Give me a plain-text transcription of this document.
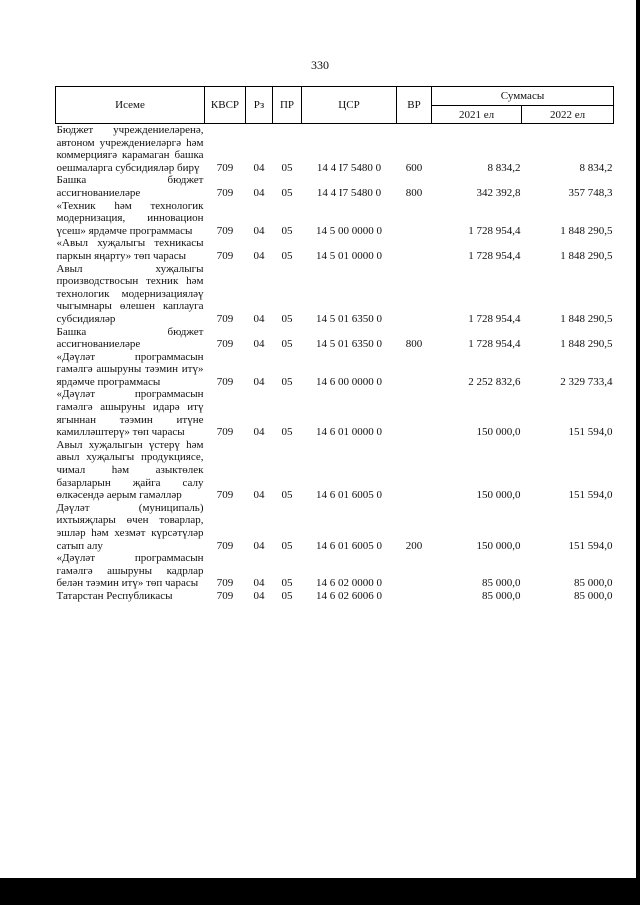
330
Исеме	КВСР	Рз	ПР	ЦСР	ВР	Суммасы	
						2021 ел	2022 ел
Бюджет учреждениеләренә, автоном учреждениеләргә һәм коммерциягә карамаган башка оешмаларга субсидияләр бирү	709	04	05	14 4 I7 5480 0	600	8 834,2	8 834,2
Башка бюджет ассигнованиеләре	709	04	05	14 4 I7 5480 0	800	342 392,8	357 748,3
«Техник һәм технологик модернизация, инновацион үсеш» ярдәмче программасы	709	04	05	14 5 00 0000 0		1 728 954,4	1 848 290,5
«Авыл хуҗалыгы техникасы паркын яңарту» төп чарасы	709	04	05	14 5 01 0000 0		1 728 954,4	1 848 290,5
Авыл хуҗалыгы производствосын техник һәм технологик модернизацияләү чыгымнары өлешен каплауга субсидияләр	709	04	05	14 5 01 6350 0		1 728 954,4	1 848 290,5
Башка бюджет ассигнованиеләре	709	04	05	14 5 01 6350 0	800	1 728 954,4	1 848 290,5
«Дәүләт программасын гамәлгә ашыруны тәэмин итү» ярдәмче программасы	709	04	05	14 6 00 0000 0		2 252 832,6	2 329 733,4
«Дәүләт программасын гамәлгә ашыруны идарә итү ягыннан тәэмин итүне камилләштерү» төп чарасы	709	04	05	14 6 01 0000 0		150 000,0	151 594,0
Авыл хуҗалыгын үстерү һәм авыл хуҗалыгы продукциясе, чимал һәм азыктөлек базарларын җайга салу өлкәсендә аерым гамәлләр	709	04	05	14 6 01 6005 0		150 000,0	151 594,0
Дәүләт (муниципаль) ихтыяҗлары өчен товарлар, эшләр һәм хезмәт күрсәтүләр сатып алу	709	04	05	14 6 01 6005 0	200	150 000,0	151 594,0
«Дәүләт программасын гамәлгә ашыруны кадрлар белән тәэмин итү» төп чарасы	709	04	05	14 6 02 0000 0		85 000,0	85 000,0
Татарстан Республикасы	709	04	05	14 6 02 6006 0		85 000,0	85 000,0
